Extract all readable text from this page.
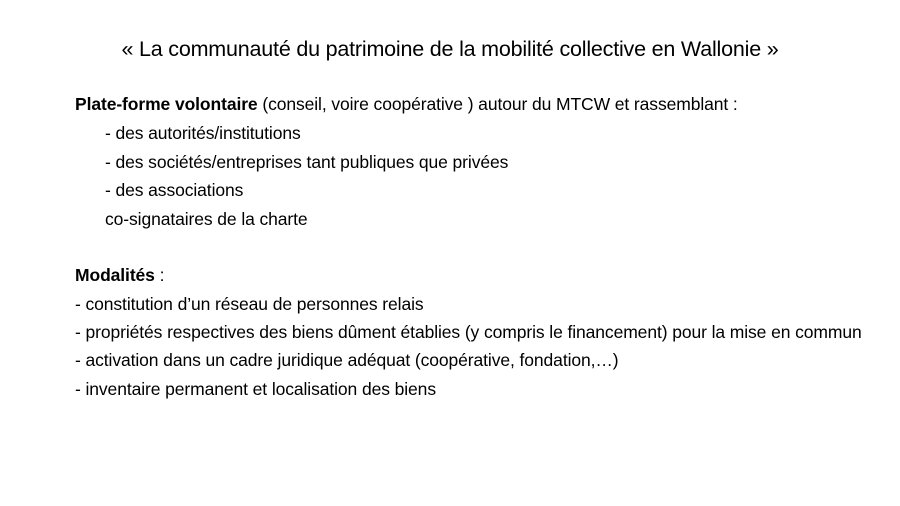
« La communauté du patrimoine de la mobilité collective en Wallonie »

Plate-forme volontaire (conseil, voire coopérative ) autour du MTCW et rassemblant :

- des autorités/institutions

- des sociétés/entreprises tant publiques que privées

- des associations

co-signataires de la charte

Modalités :

- constitution d’un réseau de personnes relais

- propriétés respectives des biens dûment établies (y compris le financement) pour la mise en commun

- activation dans un cadre juridique adéquat (coopérative, fondation,…)

- inventaire permanent et localisation des biens
